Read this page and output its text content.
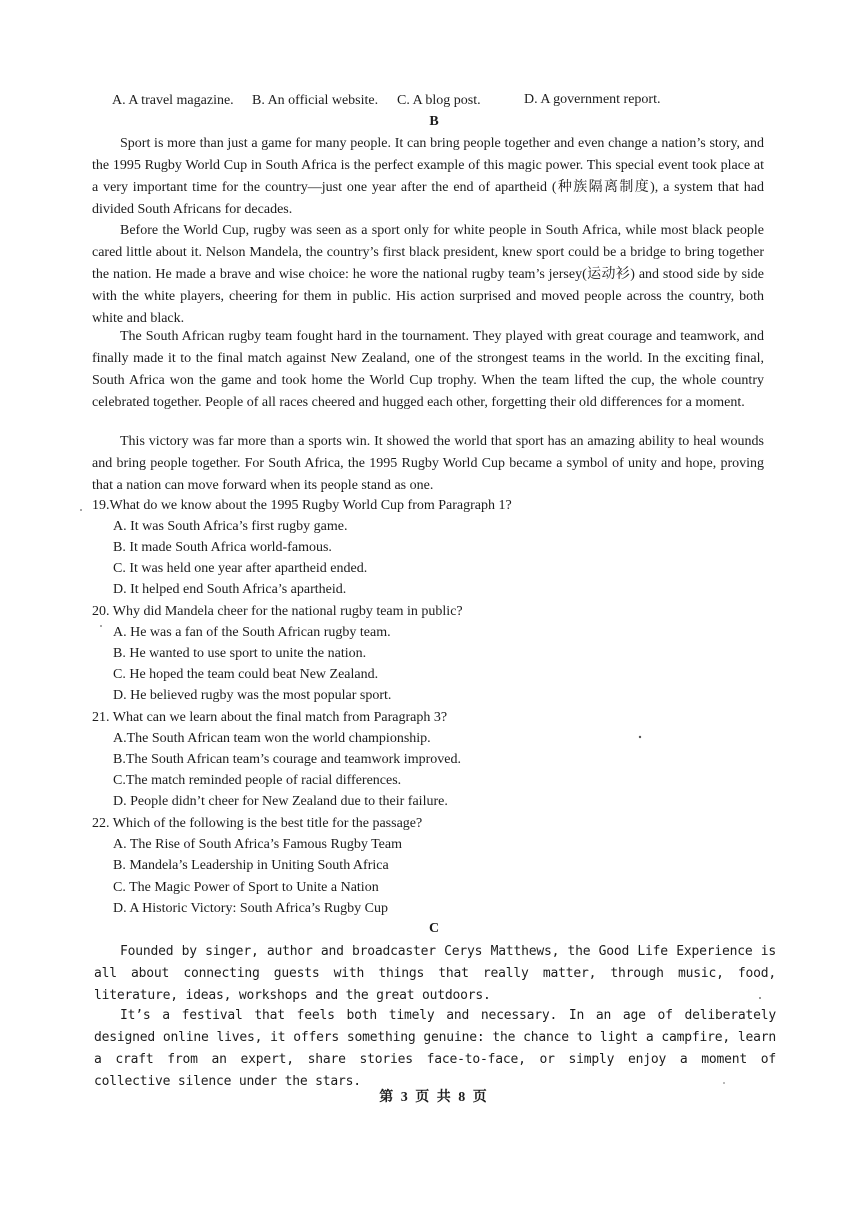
A. A travel magazine. B. An official website. C. A blog post.	D. A government report.
B
Sport is more than just a game for many people. It can bring people together and even change a nation’s story, and the 1995 Rugby World Cup in South Africa is the perfect example of this magic power. This special event took place at a very important time for the country—just one year after the end of apartheid (种族隔离制度), a system that had divided South Africans for decades.
Before the World Cup, rugby was seen as a sport only for white people in South Africa, while most black people cared little about it. Nelson Mandela, the country’s first black president, knew sport could be a bridge to bring together the nation. He made a brave and wise choice: he wore the national rugby team’s jersey(运动衫) and stood side by side with the white players, cheering for them in public. His action surprised and moved people across the country, both white and black.
The South African rugby team fought hard in the tournament. They played with great courage and teamwork, and finally made it to the final match against New Zealand, one of the strongest teams in the world. In the exciting final, South Africa won the game and took home the World Cup trophy. When the team lifted the cup, the whole country celebrated together. People of all races cheered and hugged each other, forgetting their old differences for a moment.
This victory was far more than a sports win. It showed the world that sport has an amazing ability to heal wounds and bring people together. For South Africa, the 1995 Rugby World Cup became a symbol of unity and hope, proving that a nation can move forward when its people stand as one.
19.What do we know about the 1995 Rugby World Cup from Paragraph 1?
A. It was South Africa’s first rugby game.
B. It made South Africa world-famous.
C. It was held one year after apartheid ended.
D. It helped end South Africa’s apartheid.
20. Why did Mandela cheer for the national rugby team in public?
A. He was a fan of the South African rugby team.
B. He wanted to use sport to unite the nation.
C. He hoped the team could beat New Zealand.
D. He believed rugby was the most popular sport.
21. What can we learn about the final match from Paragraph 3?
A.The South African team won the world championship.
B.The South African team’s courage and teamwork improved.
C.The match reminded people of racial differences.
D. People didn’t cheer for New Zealand due to their failure.
22. Which of the following is the best title for the passage?
A. The Rise of South Africa’s Famous Rugby Team
B. Mandela’s Leadership in Uniting South Africa
C. The Magic Power of Sport to Unite a Nation
D. A Historic Victory: South Africa’s Rugby Cup
C
Founded by singer, author and broadcaster Cerys Matthews, the Good Life Experience is all about connecting guests with things that really matter, through music, food, literature, ideas, workshops and the great outdoors.
It’s a festival that feels both timely and necessary. In an age of deliberately designed online lives, it offers something genuine: the chance to light a campfire, learn a craft from an expert, share stories face-to-face, or simply enjoy a moment of collective silence under the stars.
第 3 页 共 8 页
